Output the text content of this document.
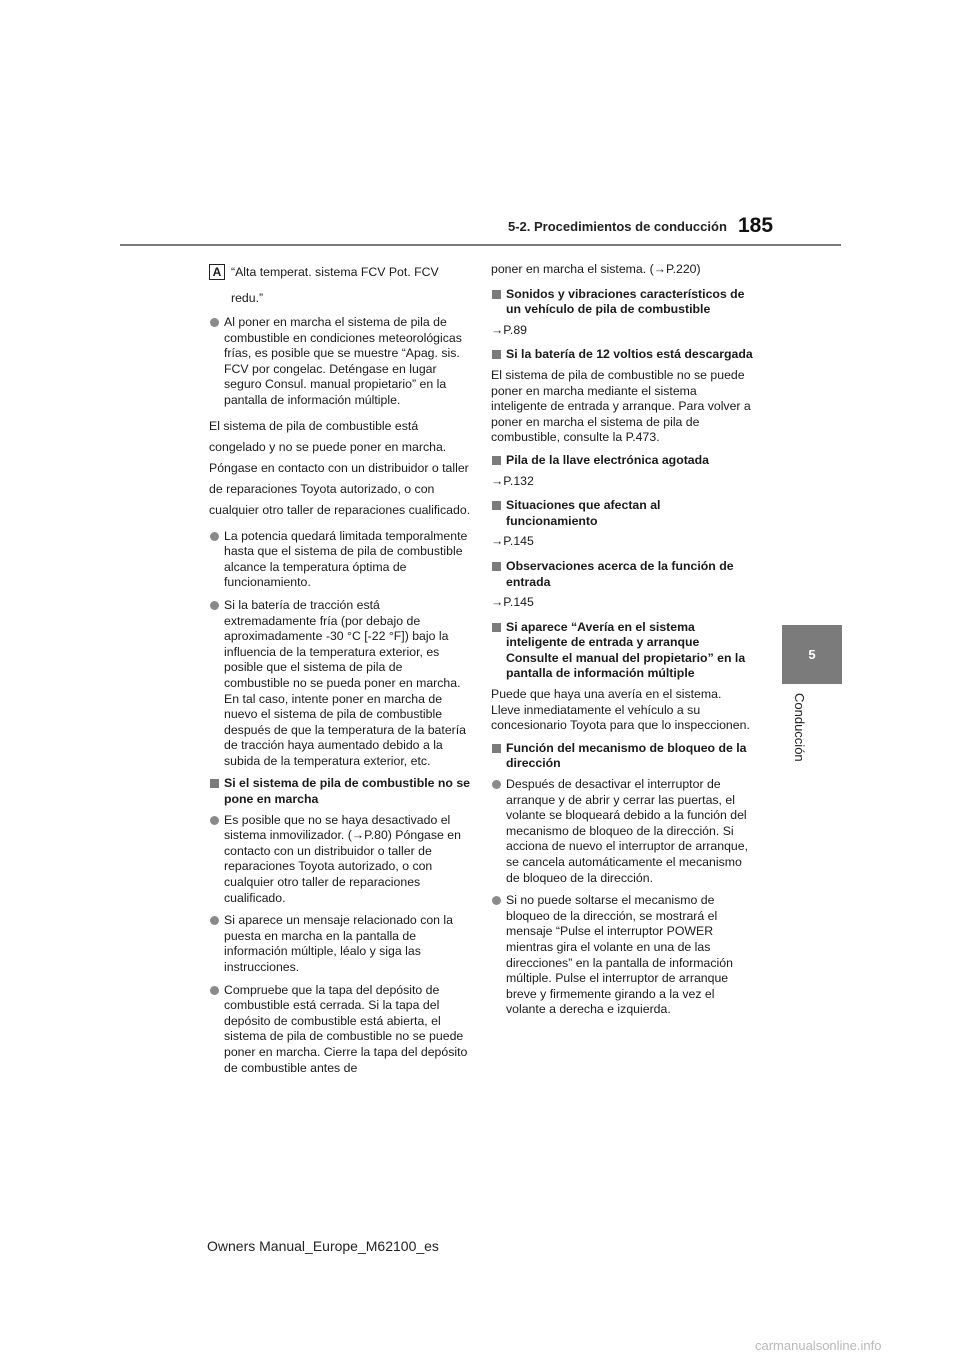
5-2. Procedimientos de conducción 185
5
Conducción
A “Alta temperat. sistema FCV Pot. FCV
redu.”

Al poner en marcha el sistema de pila de combustible en condiciones meteorológicas frías, es posible que se muestre “Apag. sis. FCV por congelac. Deténgase en lugar seguro Consul. manual propietario” en la pantalla de información múltiple.

El sistema de pila de combustible está congelado y no se puede poner en marcha. Póngase en contacto con un distribuidor o taller de reparaciones Toyota autorizado, o con cualquier otro taller de reparaciones cualificado.

La potencia quedará limitada temporalmente hasta que el sistema de pila de combustible alcance la temperatura óptima de funcionamiento.

Si la batería de tracción está extremadamente fría (por debajo de aproximadamente -30 °C [-22 °F]) bajo la influencia de la temperatura exterior, es posible que el sistema de pila de combustible no se pueda poner en marcha. En tal caso, intente poner en marcha de nuevo el sistema de pila de combustible después de que la temperatura de la batería de tracción haya aumentado debido a la subida de la temperatura exterior, etc.

Si el sistema de pila de combustible no se pone en marcha

Es posible que no se haya desactivado el sistema inmovilizador. (→P.80) Póngase en contacto con un distribuidor o taller de reparaciones Toyota autorizado, o con cualquier otro taller de reparaciones cualificado.

Si aparece un mensaje relacionado con la puesta en marcha en la pantalla de información múltiple, léalo y siga las instrucciones.

Compruebe que la tapa del depósito de combustible está cerrada. Si la tapa del depósito de combustible está abierta, el sistema de pila de combustible no se puede poner en marcha. Cierre la tapa del depósito de combustible antes de

poner en marcha el sistema. (→P.220)

Sonidos y vibraciones característicos de un vehículo de pila de combustible

→P.89

Si la batería de 12 voltios está descargada

El sistema de pila de combustible no se puede poner en marcha mediante el sistema inteligente de entrada y arranque. Para volver a poner en marcha el sistema de pila de combustible, consulte la P.473.

Pila de la llave electrónica agotada

→P.132

Situaciones que afectan al funcionamiento

→P.145

Observaciones acerca de la función de entrada

→P.145

Si aparece “Avería en el sistema inteligente de entrada y arranque Consulte el manual del propietario” en la pantalla de información múltiple

Puede que haya una avería en el sistema. Lleve inmediatamente el vehículo a su concesionario Toyota para que lo inspeccionen.

Función del mecanismo de bloqueo de la dirección

Después de desactivar el interruptor de arranque y de abrir y cerrar las puertas, el volante se bloqueará debido a la función del mecanismo de bloqueo de la dirección. Si acciona de nuevo el interruptor de arranque, se cancela automáticamente el mecanismo de bloqueo de la dirección.

Si no puede soltarse el mecanismo de bloqueo de la dirección, se mostrará el mensaje “Pulse el interruptor POWER mientras gira el volante en una de las direcciones” en la pantalla de información múltiple. Pulse el interruptor de arranque breve y firmemente girando a la vez el volante a derecha e izquierda.

Owners Manual_Europe_M62100_es
carmanualsonline.info
